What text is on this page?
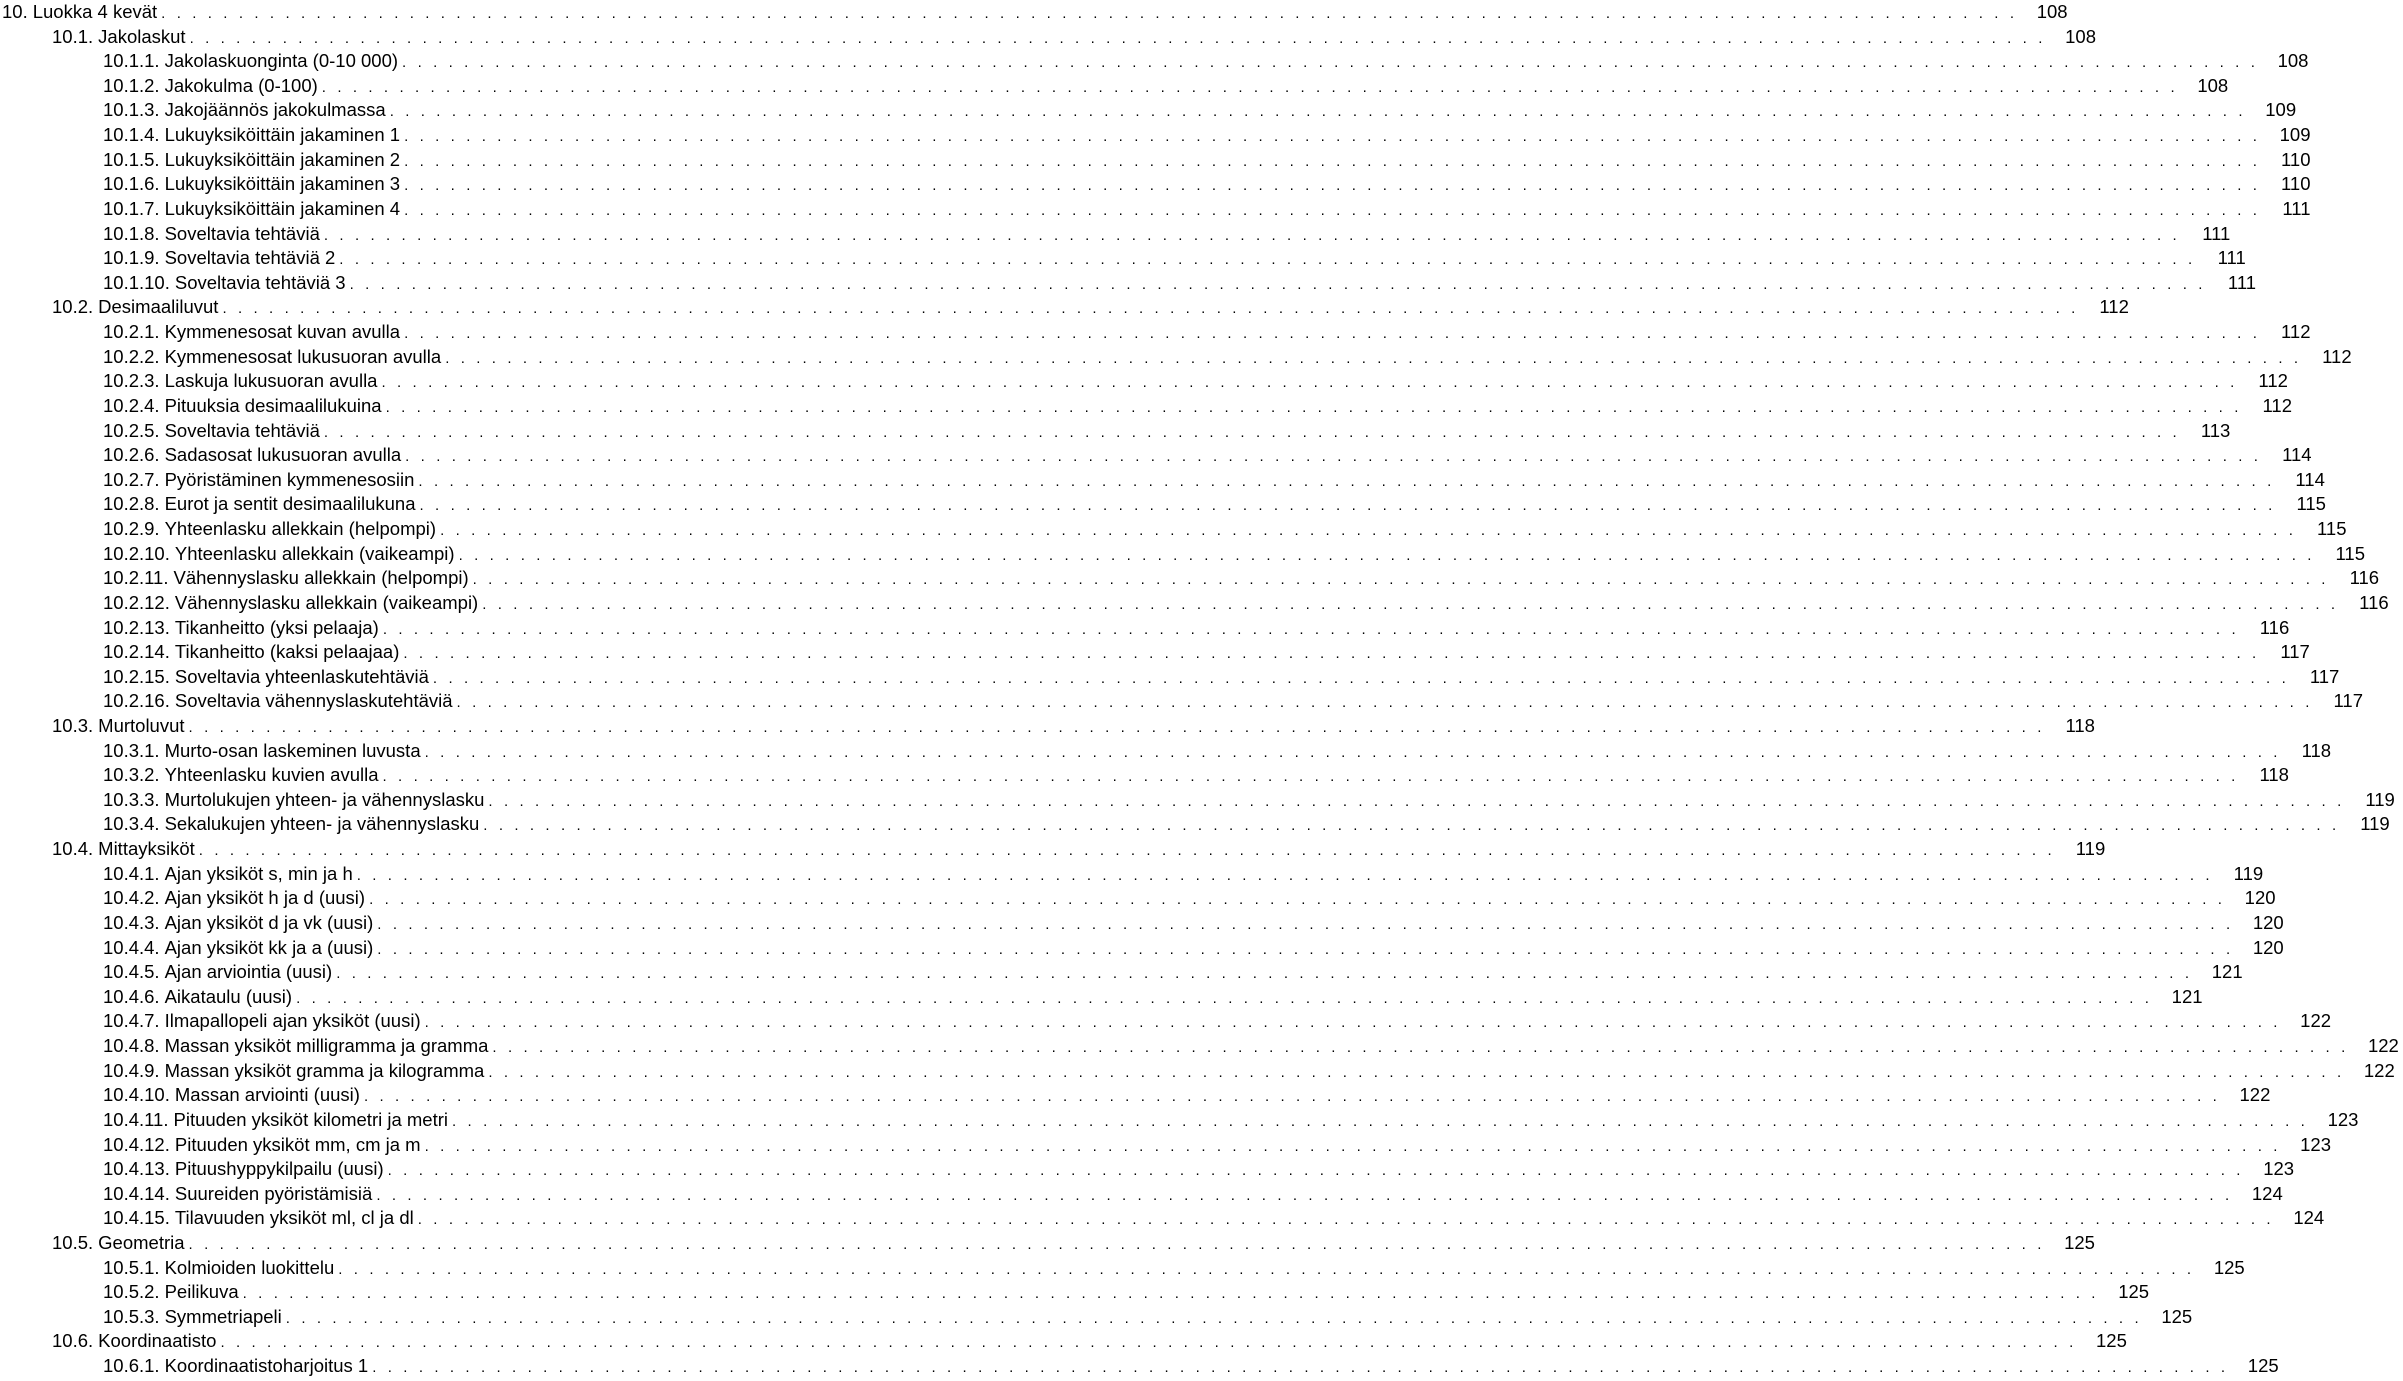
10. Luokka 4 kevät . . . . . . . . . . . . . . . . . . . . . . . . . . . . . . . . . . . . . . . . . . . . . . . . . . . . . . . . . . . . . . . . . . . . . . . . . . . . . . . . . . . . . . . . . . . . . . . . . . . . . . . . . . . . . . . . . . . . . . . .	108
10.1. Jakolaskut . . . . . . . . . . . . . . . . . . . . . . . . . . . . . . . . . . . . . . . . . . . . . . . . . . . . . . . . . . . . . . . . . . . . . . . . . . . . . . . . . . . . . . . . . . . . . . . . . . . . . . . . . . . . . . . . . . . . . . . .	108
10.1.1. Jakolaskuonginta (0-10 000) . . . . . . . . . . . . . . . . . . . . . . . . . . . . . . . . . . . . . . . . . . . . . . . . . . . . . . . . . . . . . . . . . . . . . . . . . . . . . . . . . . . . . . . . . . . . . . . . . . . . . . . . . . . . . . . . . . . . . . . .	108
10.1.2. Jakokulma (0-100) . . . . . . . . . . . . . . . . . . . . . . . . . . . . . . . . . . . . . . . . . . . . . . . . . . . . . . . . . . . . . . . . . . . . . . . . . . . . . . . . . . . . . . . . . . . . . . . . . . . . . . . . . . . . . . . . . . . . . . . .	108
10.1.3. Jakojäännös jakokulmassa . . . . . . . . . . . . . . . . . . . . . . . . . . . . . . . . . . . . . . . . . . . . . . . . . . . . . . . . . . . . . . . . . . . . . . . . . . . . . . . . . . . . . . . . . . . . . . . . . . . . . . . . . . . . . . . . . . . . . . . .	109
10.1.4. Lukuyksiköittäin jakaminen 1 . . . . . . . . . . . . . . . . . . . . . . . . . . . . . . . . . . . . . . . . . . . . . . . . . . . . . . . . . . . . . . . . . . . . . . . . . . . . . . . . . . . . . . . . . . . . . . . . . . . . . . . . . . . . . . . . . . . . . . . .	109
10.1.5. Lukuyksiköittäin jakaminen 2 . . . . . . . . . . . . . . . . . . . . . . . . . . . . . . . . . . . . . . . . . . . . . . . . . . . . . . . . . . . . . . . . . . . . . . . . . . . . . . . . . . . . . . . . . . . . . . . . . . . . . . . . . . . . . . . . . . . . . . . .	110
10.1.6. Lukuyksiköittäin jakaminen 3 . . . . . . . . . . . . . . . . . . . . . . . . . . . . . . . . . . . . . . . . . . . . . . . . . . . . . . . . . . . . . . . . . . . . . . . . . . . . . . . . . . . . . . . . . . . . . . . . . . . . . . . . . . . . . . . . . . . . . . . .	110
10.1.7. Lukuyksiköittäin jakaminen 4 . . . . . . . . . . . . . . . . . . . . . . . . . . . . . . . . . . . . . . . . . . . . . . . . . . . . . . . . . . . . . . . . . . . . . . . . . . . . . . . . . . . . . . . . . . . . . . . . . . . . . . . . . . . . . . . . . . . . . . . .	111
10.1.8. Soveltavia tehtäviä . . . . . . . . . . . . . . . . . . . . . . . . . . . . . . . . . . . . . . . . . . . . . . . . . . . . . . . . . . . . . . . . . . . . . . . . . . . . . . . . . . . . . . . . . . . . . . . . . . . . . . . . . . . . . . . . . . . . . . . .	111
10.1.9. Soveltavia tehtäviä 2 . . . . . . . . . . . . . . . . . . . . . . . . . . . . . . . . . . . . . . . . . . . . . . . . . . . . . . . . . . . . . . . . . . . . . . . . . . . . . . . . . . . . . . . . . . . . . . . . . . . . . . . . . . . . . . . . . . . . . . . .	111
10.1.10. Soveltavia tehtäviä 3 . . . . . . . . . . . . . . . . . . . . . . . . . . . . . . . . . . . . . . . . . . . . . . . . . . . . . . . . . . . . . . . . . . . . . . . . . . . . . . . . . . . . . . . . . . . . . . . . . . . . . . . . . . . . . . . . . . . . . . . .	111
10.2. Desimaaliluvut . . . . . . . . . . . . . . . . . . . . . . . . . . . . . . . . . . . . . . . . . . . . . . . . . . . . . . . . . . . . . . . . . . . . . . . . . . . . . . . . . . . . . . . . . . . . . . . . . . . . . . . . . . . . . . . . . . . . . . . .	112
10.2.1. Kymmenesosat kuvan avulla . . . . . . . . . . . . . . . . . . . . . . . . . . . . . . . . . . . . . . . . . . . . . . . . . . . . . . . . . . . . . . . . . . . . . . . . . . . . . . . . . . . . . . . . . . . . . . . . . . . . . . . . . . . . . . . . . . . . . . . .	112
10.2.2. Kymmenesosat lukusuoran avulla . . . . . . . . . . . . . . . . . . . . . . . . . . . . . . . . . . . . . . . . . . . . . . . . . . . . . . . . . . . . . . . . . . . . . . . . . . . . . . . . . . . . . . . . . . . . . . . . . . . . . . . . . . . . . . . . . . . . . . . .	112
10.2.3. Laskuja lukusuoran avulla . . . . . . . . . . . . . . . . . . . . . . . . . . . . . . . . . . . . . . . . . . . . . . . . . . . . . . . . . . . . . . . . . . . . . . . . . . . . . . . . . . . . . . . . . . . . . . . . . . . . . . . . . . . . . . . . . . . . . . . .	112
10.2.4. Pituuksia desimaalilukuina . . . . . . . . . . . . . . . . . . . . . . . . . . . . . . . . . . . . . . . . . . . . . . . . . . . . . . . . . . . . . . . . . . . . . . . . . . . . . . . . . . . . . . . . . . . . . . . . . . . . . . . . . . . . . . . . . . . . . . . .	112
10.2.5. Soveltavia tehtäviä . . . . . . . . . . . . . . . . . . . . . . . . . . . . . . . . . . . . . . . . . . . . . . . . . . . . . . . . . . . . . . . . . . . . . . . . . . . . . . . . . . . . . . . . . . . . . . . . . . . . . . . . . . . . . . . . . . . . . . . .	113
10.2.6. Sadasosat lukusuoran avulla . . . . . . . . . . . . . . . . . . . . . . . . . . . . . . . . . . . . . . . . . . . . . . . . . . . . . . . . . . . . . . . . . . . . . . . . . . . . . . . . . . . . . . . . . . . . . . . . . . . . . . . . . . . . . . . . . . . . . . . .	114
10.2.7. Pyöristäminen kymmenesosiin . . . . . . . . . . . . . . . . . . . . . . . . . . . . . . . . . . . . . . . . . . . . . . . . . . . . . . . . . . . . . . . . . . . . . . . . . . . . . . . . . . . . . . . . . . . . . . . . . . . . . . . . . . . . . . . . . . . . . . . .	114
10.2.8. Eurot ja sentit desimaalilukuna . . . . . . . . . . . . . . . . . . . . . . . . . . . . . . . . . . . . . . . . . . . . . . . . . . . . . . . . . . . . . . . . . . . . . . . . . . . . . . . . . . . . . . . . . . . . . . . . . . . . . . . . . . . . . . . . . . . . . . . .	115
10.2.9. Yhteenlasku allekkain (helpompi) . . . . . . . . . . . . . . . . . . . . . . . . . . . . . . . . . . . . . . . . . . . . . . . . . . . . . . . . . . . . . . . . . . . . . . . . . . . . . . . . . . . . . . . . . . . . . . . . . . . . . . . . . . . . . . . . . . . . . . . .	115
10.2.10. Yhteenlasku allekkain (vaikeampi) . . . . . . . . . . . . . . . . . . . . . . . . . . . . . . . . . . . . . . . . . . . . . . . . . . . . . . . . . . . . . . . . . . . . . . . . . . . . . . . . . . . . . . . . . . . . . . . . . . . . . . . . . . . . . . . . . . . . . . . .	115
10.2.11. Vähennyslasku allekkain (helpompi) . . . . . . . . . . . . . . . . . . . . . . . . . . . . . . . . . . . . . . . . . . . . . . . . . . . . . . . . . . . . . . . . . . . . . . . . . . . . . . . . . . . . . . . . . . . . . . . . . . . . . . . . . . . . . . . . . . . . . . . .	116
10.2.12. Vähennyslasku allekkain (vaikeampi) . . . . . . . . . . . . . . . . . . . . . . . . . . . . . . . . . . . . . . . . . . . . . . . . . . . . . . . . . . . . . . . . . . . . . . . . . . . . . . . . . . . . . . . . . . . . . . . . . . . . . . . . . . . . . . . . . . . . . . . .	116
10.2.13. Tikanheitto (yksi pelaaja) . . . . . . . . . . . . . . . . . . . . . . . . . . . . . . . . . . . . . . . . . . . . . . . . . . . . . . . . . . . . . . . . . . . . . . . . . . . . . . . . . . . . . . . . . . . . . . . . . . . . . . . . . . . . . . . . . . . . . . . .	116
10.2.14. Tikanheitto (kaksi pelaajaa) . . . . . . . . . . . . . . . . . . . . . . . . . . . . . . . . . . . . . . . . . . . . . . . . . . . . . . . . . . . . . . . . . . . . . . . . . . . . . . . . . . . . . . . . . . . . . . . . . . . . . . . . . . . . . . . . . . . . . . . .	117
10.2.15. Soveltavia yhteenlaskutehtäviä . . . . . . . . . . . . . . . . . . . . . . . . . . . . . . . . . . . . . . . . . . . . . . . . . . . . . . . . . . . . . . . . . . . . . . . . . . . . . . . . . . . . . . . . . . . . . . . . . . . . . . . . . . . . . . . . . . . . . . . .	117
10.2.16. Soveltavia vähennyslaskutehtäviä . . . . . . . . . . . . . . . . . . . . . . . . . . . . . . . . . . . . . . . . . . . . . . . . . . . . . . . . . . . . . . . . . . . . . . . . . . . . . . . . . . . . . . . . . . . . . . . . . . . . . . . . . . . . . . . . . . . . . . . .	117
10.3. Murtoluvut . . . . . . . . . . . . . . . . . . . . . . . . . . . . . . . . . . . . . . . . . . . . . . . . . . . . . . . . . . . . . . . . . . . . . . . . . . . . . . . . . . . . . . . . . . . . . . . . . . . . . . . . . . . . . . . . . . . . . . . .	118
10.3.1. Murto-osan laskeminen luvusta . . . . . . . . . . . . . . . . . . . . . . . . . . . . . . . . . . . . . . . . . . . . . . . . . . . . . . . . . . . . . . . . . . . . . . . . . . . . . . . . . . . . . . . . . . . . . . . . . . . . . . . . . . . . . . . . . . . . . . . .	118
10.3.2. Yhteenlasku kuvien avulla . . . . . . . . . . . . . . . . . . . . . . . . . . . . . . . . . . . . . . . . . . . . . . . . . . . . . . . . . . . . . . . . . . . . . . . . . . . . . . . . . . . . . . . . . . . . . . . . . . . . . . . . . . . . . . . . . . . . . . . .	118
10.3.3. Murtolukujen yhteen- ja vähennyslasku . . . . . . . . . . . . . . . . . . . . . . . . . . . . . . . . . . . . . . . . . . . . . . . . . . . . . . . . . . . . . . . . . . . . . . . . . . . . . . . . . . . . . . . . . . . . . . . . . . . . . . . . . . . . . . . . . . . . . . . .	119
10.3.4. Sekalukujen yhteen- ja vähennyslasku . . . . . . . . . . . . . . . . . . . . . . . . . . . . . . . . . . . . . . . . . . . . . . . . . . . . . . . . . . . . . . . . . . . . . . . . . . . . . . . . . . . . . . . . . . . . . . . . . . . . . . . . . . . . . . . . . . . . . . . .	119
10.4. Mittayksiköt . . . . . . . . . . . . . . . . . . . . . . . . . . . . . . . . . . . . . . . . . . . . . . . . . . . . . . . . . . . . . . . . . . . . . . . . . . . . . . . . . . . . . . . . . . . . . . . . . . . . . . . . . . . . . . . . . . . . . . . .	119
10.4.1. Ajan yksiköt s, min ja h . . . . . . . . . . . . . . . . . . . . . . . . . . . . . . . . . . . . . . . . . . . . . . . . . . . . . . . . . . . . . . . . . . . . . . . . . . . . . . . . . . . . . . . . . . . . . . . . . . . . . . . . . . . . . . . . . . . . . . . .	119
10.4.2. Ajan yksiköt h ja d (uusi) . . . . . . . . . . . . . . . . . . . . . . . . . . . . . . . . . . . . . . . . . . . . . . . . . . . . . . . . . . . . . . . . . . . . . . . . . . . . . . . . . . . . . . . . . . . . . . . . . . . . . . . . . . . . . . . . . . . . . . . .	120
10.4.3. Ajan yksiköt d ja vk (uusi) . . . . . . . . . . . . . . . . . . . . . . . . . . . . . . . . . . . . . . . . . . . . . . . . . . . . . . . . . . . . . . . . . . . . . . . . . . . . . . . . . . . . . . . . . . . . . . . . . . . . . . . . . . . . . . . . . . . . . . . .	120
10.4.4. Ajan yksiköt kk ja a (uusi) . . . . . . . . . . . . . . . . . . . . . . . . . . . . . . . . . . . . . . . . . . . . . . . . . . . . . . . . . . . . . . . . . . . . . . . . . . . . . . . . . . . . . . . . . . . . . . . . . . . . . . . . . . . . . . . . . . . . . . . .	120
10.4.5. Ajan arviointia (uusi) . . . . . . . . . . . . . . . . . . . . . . . . . . . . . . . . . . . . . . . . . . . . . . . . . . . . . . . . . . . . . . . . . . . . . . . . . . . . . . . . . . . . . . . . . . . . . . . . . . . . . . . . . . . . . . . . . . . . . . . .	121
10.4.6. Aikataulu (uusi) . . . . . . . . . . . . . . . . . . . . . . . . . . . . . . . . . . . . . . . . . . . . . . . . . . . . . . . . . . . . . . . . . . . . . . . . . . . . . . . . . . . . . . . . . . . . . . . . . . . . . . . . . . . . . . . . . . . . . . . .	121
10.4.7. Ilmapallopeli ajan yksiköt (uusi) . . . . . . . . . . . . . . . . . . . . . . . . . . . . . . . . . . . . . . . . . . . . . . . . . . . . . . . . . . . . . . . . . . . . . . . . . . . . . . . . . . . . . . . . . . . . . . . . . . . . . . . . . . . . . . . . . . . . . . . .	122
10.4.8. Massan yksiköt milligramma ja gramma . . . . . . . . . . . . . . . . . . . . . . . . . . . . . . . . . . . . . . . . . . . . . . . . . . . . . . . . . . . . . . . . . . . . . . . . . . . . . . . . . . . . . . . . . . . . . . . . . . . . . . . . . . . . . . . . . . . . . . . .	122
10.4.9. Massan yksiköt gramma ja kilogramma . . . . . . . . . . . . . . . . . . . . . . . . . . . . . . . . . . . . . . . . . . . . . . . . . . . . . . . . . . . . . . . . . . . . . . . . . . . . . . . . . . . . . . . . . . . . . . . . . . . . . . . . . . . . . . . . . . . . . . . .	122
10.4.10. Massan arviointi (uusi) . . . . . . . . . . . . . . . . . . . . . . . . . . . . . . . . . . . . . . . . . . . . . . . . . . . . . . . . . . . . . . . . . . . . . . . . . . . . . . . . . . . . . . . . . . . . . . . . . . . . . . . . . . . . . . . . . . . . . . . .	122
10.4.11. Pituuden yksiköt kilometri ja metri . . . . . . . . . . . . . . . . . . . . . . . . . . . . . . . . . . . . . . . . . . . . . . . . . . . . . . . . . . . . . . . . . . . . . . . . . . . . . . . . . . . . . . . . . . . . . . . . . . . . . . . . . . . . . . . . . . . . . . . .	123
10.4.12. Pituuden yksiköt mm, cm ja m . . . . . . . . . . . . . . . . . . . . . . . . . . . . . . . . . . . . . . . . . . . . . . . . . . . . . . . . . . . . . . . . . . . . . . . . . . . . . . . . . . . . . . . . . . . . . . . . . . . . . . . . . . . . . . . . . . . . . . . .	123
10.4.13. Pituushyppykilpailu (uusi) . . . . . . . . . . . . . . . . . . . . . . . . . . . . . . . . . . . . . . . . . . . . . . . . . . . . . . . . . . . . . . . . . . . . . . . . . . . . . . . . . . . . . . . . . . . . . . . . . . . . . . . . . . . . . . . . . . . . . . . .	123
10.4.14. Suureiden pyöristämisiä . . . . . . . . . . . . . . . . . . . . . . . . . . . . . . . . . . . . . . . . . . . . . . . . . . . . . . . . . . . . . . . . . . . . . . . . . . . . . . . . . . . . . . . . . . . . . . . . . . . . . . . . . . . . . . . . . . . . . . . .	124
10.4.15. Tilavuuden yksiköt ml, cl ja dl . . . . . . . . . . . . . . . . . . . . . . . . . . . . . . . . . . . . . . . . . . . . . . . . . . . . . . . . . . . . . . . . . . . . . . . . . . . . . . . . . . . . . . . . . . . . . . . . . . . . . . . . . . . . . . . . . . . . . . . .	124
10.5. Geometria . . . . . . . . . . . . . . . . . . . . . . . . . . . . . . . . . . . . . . . . . . . . . . . . . . . . . . . . . . . . . . . . . . . . . . . . . . . . . . . . . . . . . . . . . . . . . . . . . . . . . . . . . . . . . . . . . . . . . . . .	125
10.5.1. Kolmioiden luokittelu . . . . . . . . . . . . . . . . . . . . . . . . . . . . . . . . . . . . . . . . . . . . . . . . . . . . . . . . . . . . . . . . . . . . . . . . . . . . . . . . . . . . . . . . . . . . . . . . . . . . . . . . . . . . . . . . . . . . . . . .	125
10.5.2. Peilikuva . . . . . . . . . . . . . . . . . . . . . . . . . . . . . . . . . . . . . . . . . . . . . . . . . . . . . . . . . . . . . . . . . . . . . . . . . . . . . . . . . . . . . . . . . . . . . . . . . . . . . . . . . . . . . . . . . . . . . . . .	125
10.5.3. Symmetriapeli . . . . . . . . . . . . . . . . . . . . . . . . . . . . . . . . . . . . . . . . . . . . . . . . . . . . . . . . . . . . . . . . . . . . . . . . . . . . . . . . . . . . . . . . . . . . . . . . . . . . . . . . . . . . . . . . . . . . . . . .	125
10.6. Koordinaatisto . . . . . . . . . . . . . . . . . . . . . . . . . . . . . . . . . . . . . . . . . . . . . . . . . . . . . . . . . . . . . . . . . . . . . . . . . . . . . . . . . . . . . . . . . . . . . . . . . . . . . . . . . . . . . . . . . . . . . . . .	125
10.6.1. Koordinaatistoharjoitus 1 . . . . . . . . . . . . . . . . . . . . . . . . . . . . . . . . . . . . . . . . . . . . . . . . . . . . . . . . . . . . . . . . . . . . . . . . . . . . . . . . . . . . . . . . . . . . . . . . . . . . . . . . . . . . . . . . . . . . . . . .	125
